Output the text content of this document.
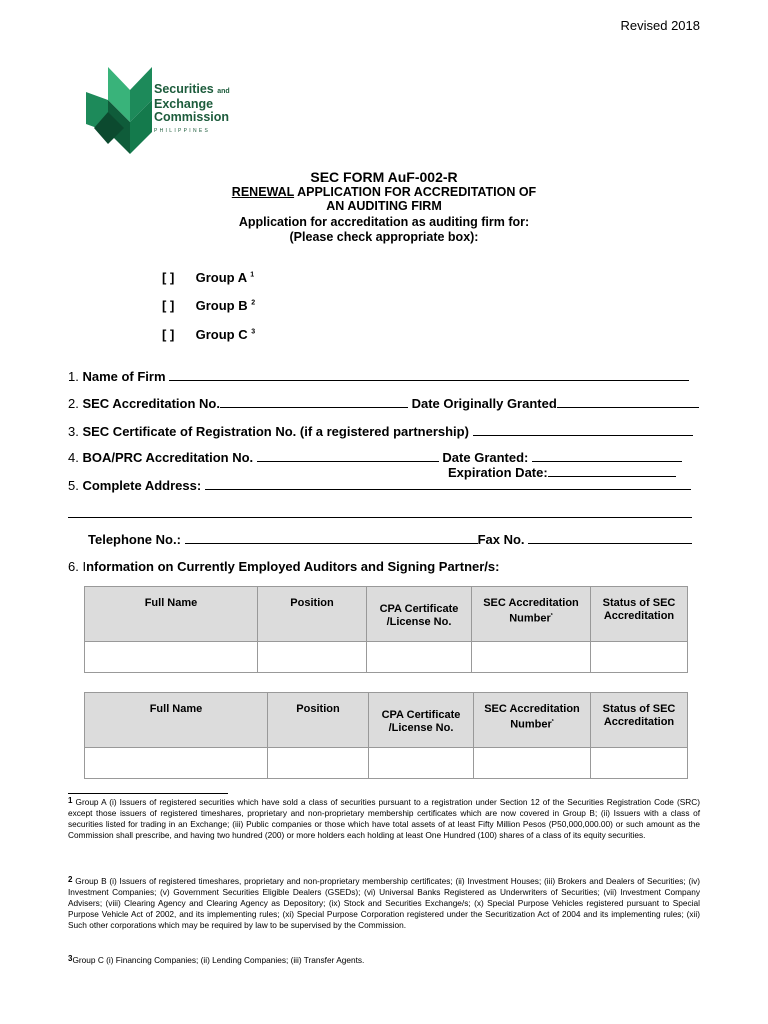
Revised 2018
Securities and
Exchange
Commission
PHILIPPINES
SEC FORM AuF-002-R
RENEWAL APPLICATION FOR ACCREDITATION OF
AN AUDITING FIRM
Application for accreditation as auditing firm for:
(Please check appropriate box):
[ ] Group A $^1$
[ ] Group B $^2$
[ ] Group C $^3$
1. Name of Firm
2. SEC Accreditation No.	Date Originally Granted
3. SEC Certificate of Registration No. (if a registered partnership)
4. BOA/PRC Accreditation No.	Date Granted:
Expiration Date:
5. Complete Address:
Telephone No.:	Fax No.
6. Information on Currently Employed Auditors and Signing Partner/s:
Full Name	Position	CPA Certificate /License No.	SEC Accreditation Number*	Status of SEC Accreditation

Full Name	Position	CPA Certificate /License No.	SEC Accreditation Number*	Status of SEC Accreditation

$^1$ Group A (i) Issuers of registered securities which have sold a class of securities pursuant to a registration under Section 12 of the Securities Registration Code (SRC) except those issuers of registered timeshares, proprietary and non-proprietary membership certificates which are now covered in Group B; (ii) Issuers with a class of securities listed for trading in an Exchange; (iii) Public companies or those which have total assets of at least Fifty Million Pesos (P50,000,000.00) or such amount as the Commission shall prescribe, and having two hundred (200) or more holders each holding at least One Hundred (100) shares of a class of its equity securities.
$^2$ Group B (i) Issuers of registered timeshares, proprietary and non-proprietary membership certificates; (ii) Investment Houses; (iii) Brokers and Dealers of Securities; (iv) Investment Companies; (v) Government Securities Eligible Dealers (GSEDs); (vi) Universal Banks Registered as Underwriters of Securities; (vii) Investment Company Advisers; (viii) Clearing Agency and Clearing Agency as Depository; (ix) Stock and Securities Exchange/s; (x) Special Purpose Vehicles registered pursuant to Special Purpose Vehicle Act of 2002, and its implementing rules; (xi) Special Purpose Corporation registered under the Securitization Act of 2004 and its implementing rules; (xii) Such other corporations which may be required by law to be supervised by the Commission.
$^3$Group C (i) Financing Companies; (ii) Lending Companies; (iii) Transfer Agents.
